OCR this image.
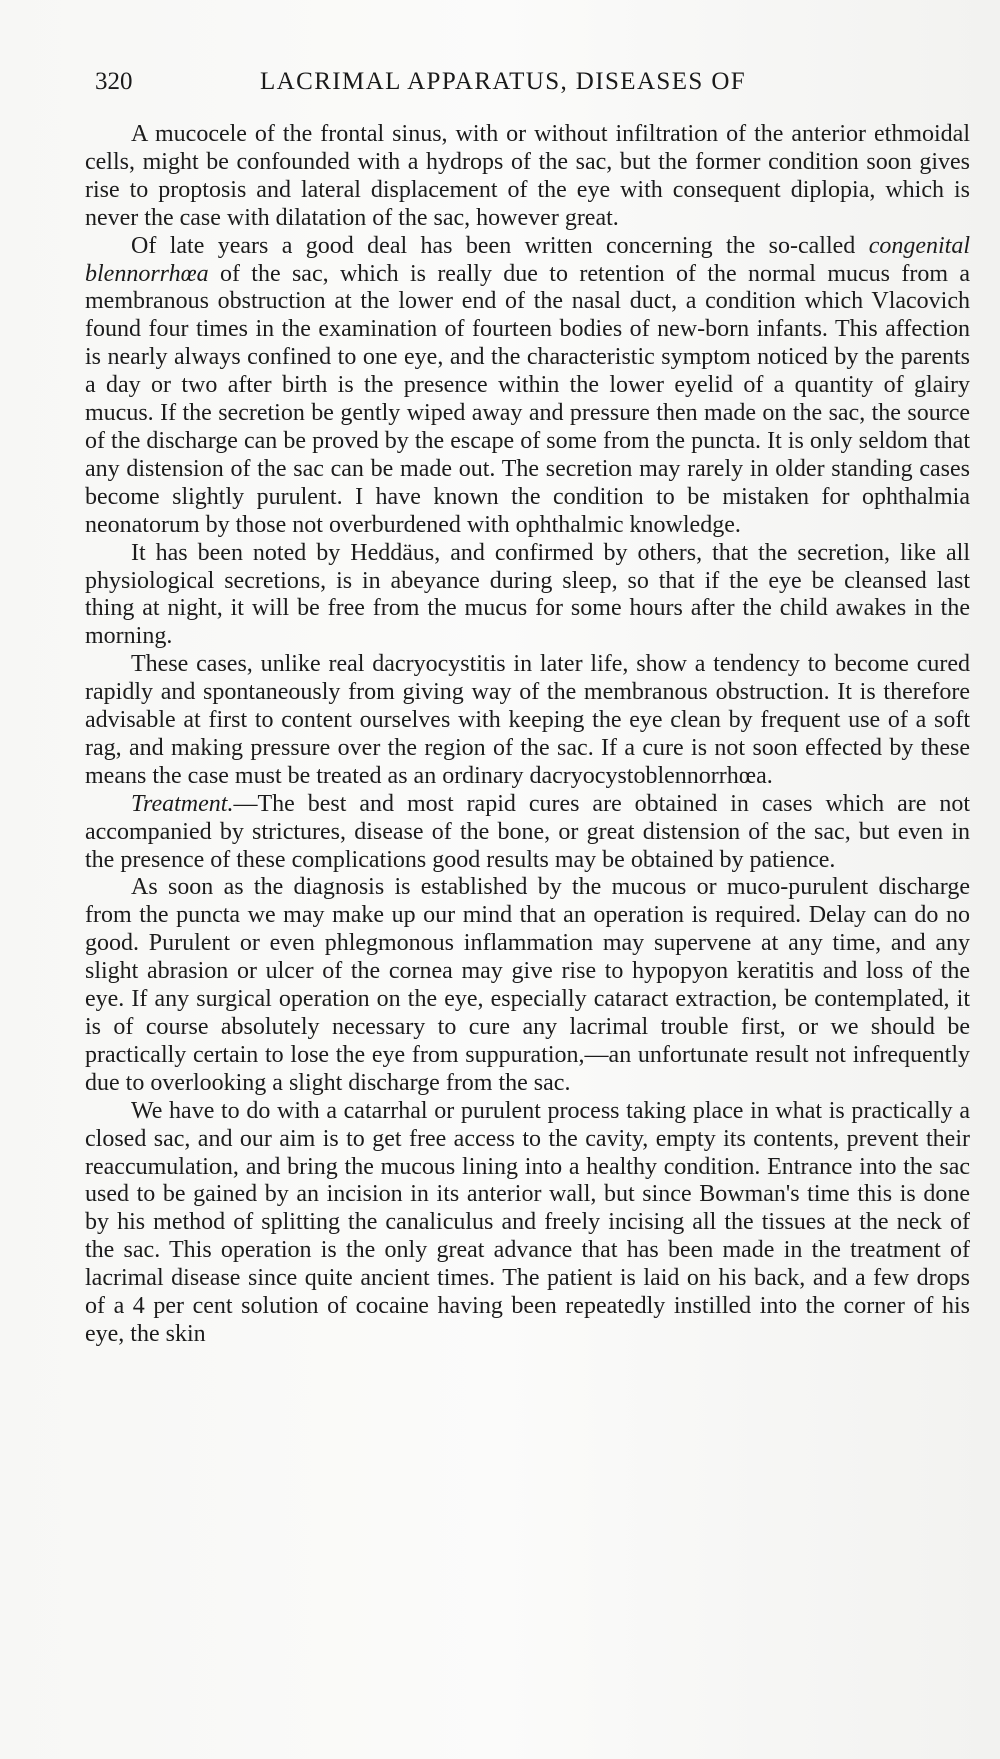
320	LACRIMAL APPARATUS, DISEASES OF

A mucocele of the frontal sinus, with or without infiltration of the anterior ethmoidal cells, might be confounded with a hydrops of the sac, but the former condition soon gives rise to proptosis and lateral displacement of the eye with consequent diplopia, which is never the case with dilatation of the sac, however great.

Of late years a good deal has been written concerning the so-called congenital blennorrhœa of the sac, which is really due to retention of the normal mucus from a membranous obstruction at the lower end of the nasal duct, a condition which Vlacovich found four times in the examination of fourteen bodies of new-born infants. This affection is nearly always confined to one eye, and the characteristic symptom noticed by the parents a day or two after birth is the presence within the lower eyelid of a quantity of glairy mucus. If the secretion be gently wiped away and pressure then made on the sac, the source of the discharge can be proved by the escape of some from the puncta. It is only seldom that any distension of the sac can be made out. The secretion may rarely in older standing cases become slightly purulent. I have known the condition to be mistaken for ophthalmia neonatorum by those not overburdened with ophthalmic knowledge.

It has been noted by Heddäus, and confirmed by others, that the secretion, like all physiological secretions, is in abeyance during sleep, so that if the eye be cleansed last thing at night, it will be free from the mucus for some hours after the child awakes in the morning.

These cases, unlike real dacryocystitis in later life, show a tendency to become cured rapidly and spontaneously from giving way of the membranous obstruction. It is therefore advisable at first to content ourselves with keeping the eye clean by frequent use of a soft rag, and making pressure over the region of the sac. If a cure is not soon effected by these means the case must be treated as an ordinary dacryocystoblennorrhœa.

Treatment.—The best and most rapid cures are obtained in cases which are not accompanied by strictures, disease of the bone, or great distension of the sac, but even in the presence of these complications good results may be obtained by patience.

As soon as the diagnosis is established by the mucous or muco-purulent discharge from the puncta we may make up our mind that an operation is required. Delay can do no good. Purulent or even phlegmonous inflammation may supervene at any time, and any slight abrasion or ulcer of the cornea may give rise to hypopyon keratitis and loss of the eye. If any surgical operation on the eye, especially cataract extraction, be contemplated, it is of course absolutely necessary to cure any lacrimal trouble first, or we should be practically certain to lose the eye from suppuration,—an unfortunate result not infrequently due to overlooking a slight discharge from the sac.

We have to do with a catarrhal or purulent process taking place in what is practically a closed sac, and our aim is to get free access to the cavity, empty its contents, prevent their reaccumulation, and bring the mucous lining into a healthy condition. Entrance into the sac used to be gained by an incision in its anterior wall, but since Bowman's time this is done by his method of splitting the canaliculus and freely incising all the tissues at the neck of the sac. This operation is the only great advance that has been made in the treatment of lacrimal disease since quite ancient times. The patient is laid on his back, and a few drops of a 4 per cent solution of cocaine having been repeatedly instilled into the corner of his eye, the skin
